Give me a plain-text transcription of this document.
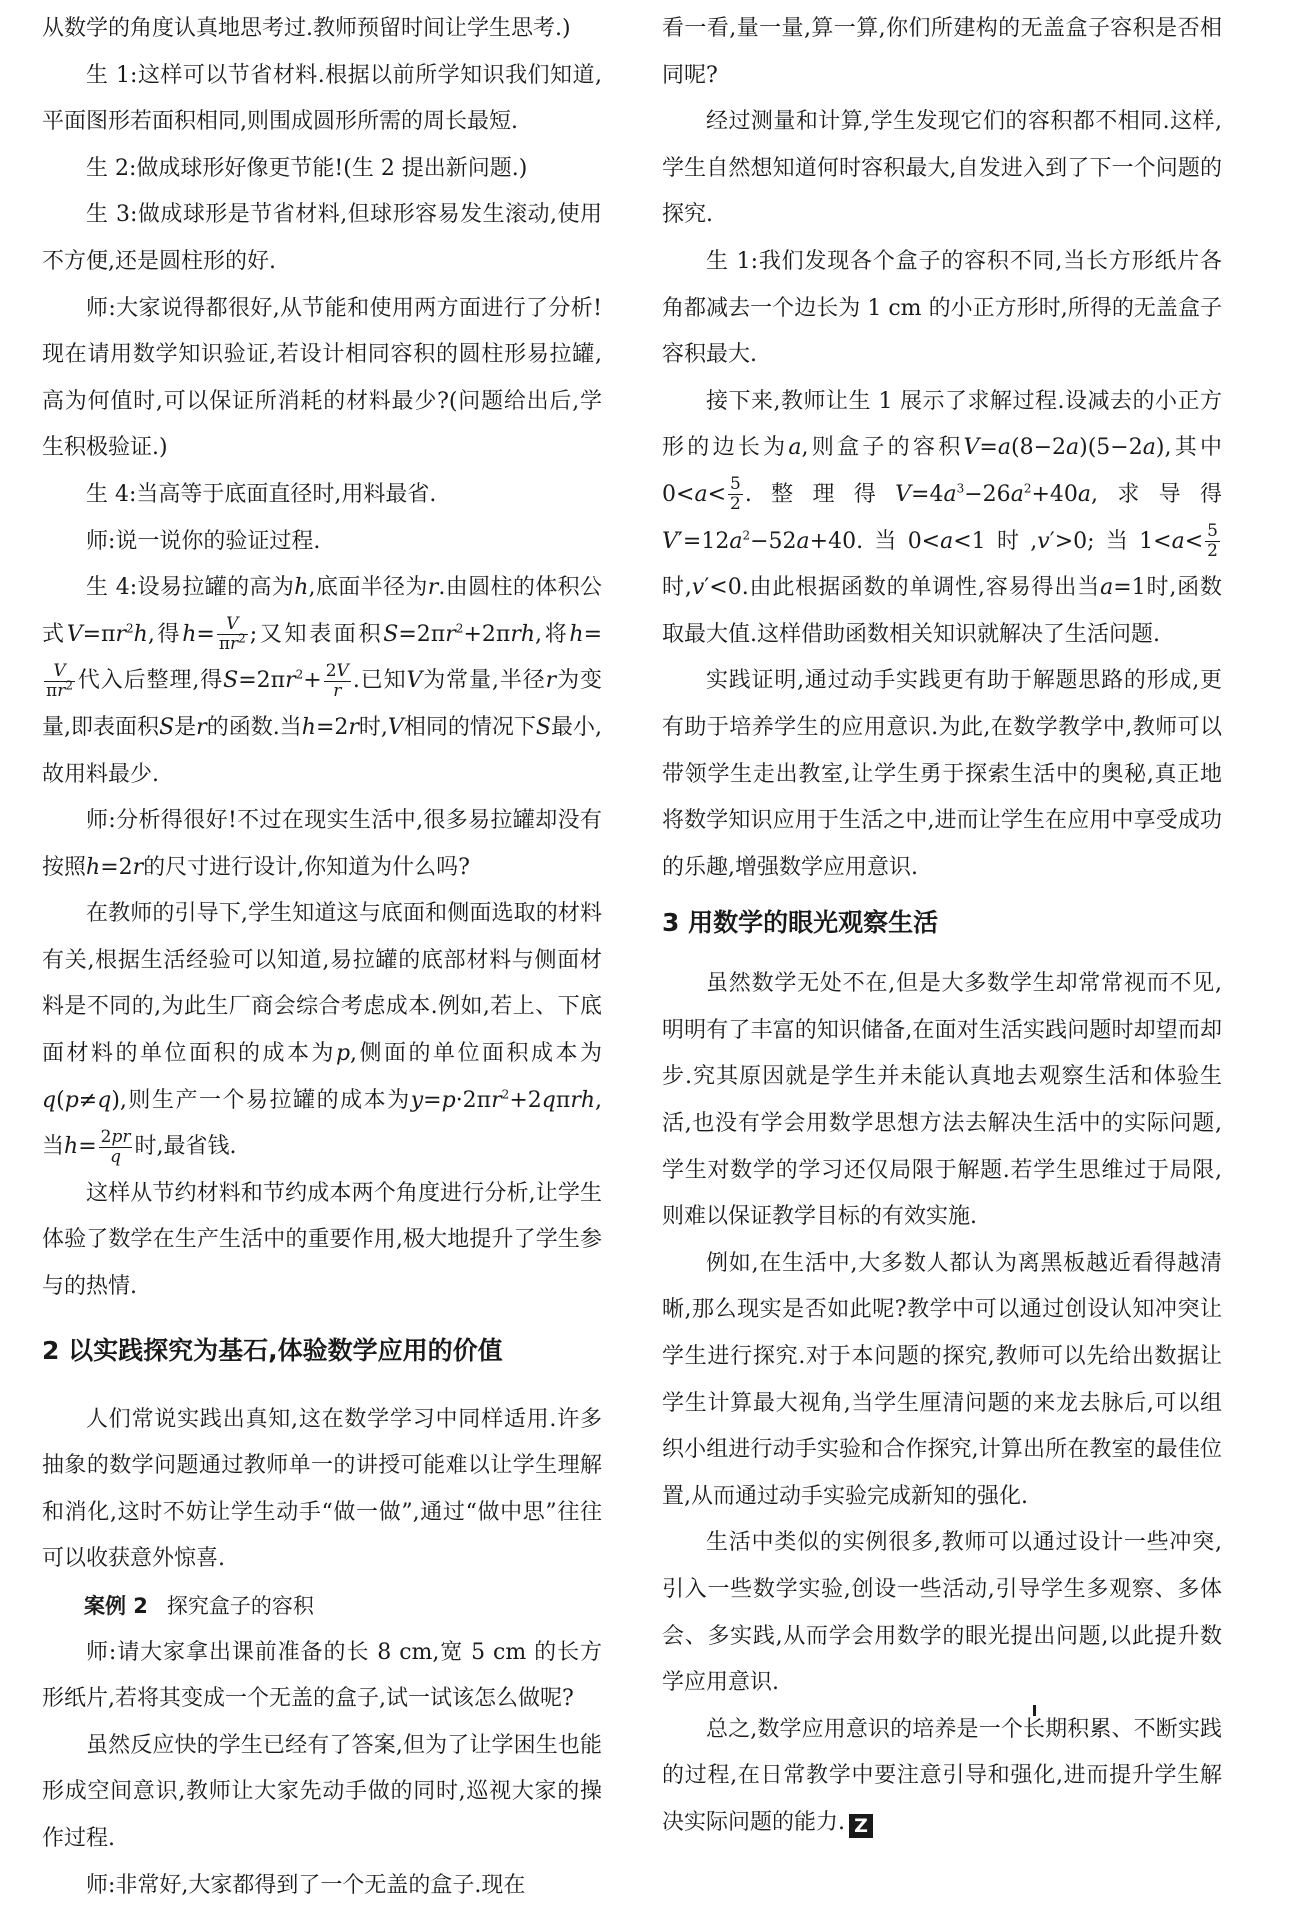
从数学的角度认真地思考过.教师预留时间让学生思考.)

生 1:这样可以节省材料.根据以前所学知识我们知道,平面图形若面积相同,则围成圆形所需的周长最短.

生 2:做成球形好像更节能!(生 2 提出新问题.)

生 3:做成球形是节省材料,但球形容易发生滚动,使用不方便,还是圆柱形的好.

师:大家说得都很好,从节能和使用两方面进行了分析!现在请用数学知识验证,若设计相同容积的圆柱形易拉罐,高为何值时,可以保证所消耗的材料最少?(问题给出后,学生积极验证.)

生 4:当高等于底面直径时,用料最省.

师:说一说你的验证过程.

生 4:设易拉罐的高为h,底面半径为r.由圆柱的体积公式$V=\pi r^2h$,得$h= \frac{V}{\pi r^2}$ ;又知表面积$S=2\pi r^2+2\pi rh$,将h=
$\frac{V}{\pi r^2}$ 代入后整理,得$S=2\pi r^2+ \frac{2V}{r}$ .已知V为常量,半径r为变量,即表面积S是r的函数.当h=2r时,V相同的情况下S最小,故用料最少.

师:分析得很好!不过在现实生活中,很多易拉罐却没有按照h=2r的尺寸进行设计,你知道为什么吗?

在教师的引导下,学生知道这与底面和侧面选取的材料有关,根据生活经验可以知道,易拉罐的底部材料与侧面材料是不同的,为此生厂商会综合考虑成本.例如,若上、下底面材料的单位面积的成本为p,侧面的单位面积成本为q(p≠q),则生产一个易拉罐的成本为$y=p\cdot 2\pi r^2+2q\pi rh$,当$h= \frac{2pr}{q}$ 时,最省钱.

这样从节约材料和节约成本两个角度进行分析,让学生体验了数学在生产生活中的重要作用,极大地提升了学生参与的热情.

2 以实践探究为基石,体验数学应用的价值

人们常说实践出真知,这在数学学习中同样适用.许多抽象的数学问题通过教师单一的讲授可能难以让学生理解和消化,这时不妨让学生动手“做一做”,通过“做中思”往往可以收获意外惊喜.

案例 2 探究盒子的容积

师:请大家拿出课前准备的长 8 cm,宽 5 cm 的长方形纸片,若将其变成一个无盖的盒子,试一试该怎么做呢?

虽然反应快的学生已经有了答案,但为了让学困生也能形成空间意识,教师让大家先动手做的同时,巡视大家的操作过程.

师:非常好,大家都得到了一个无盖的盒子.现在

看一看,量一量,算一算,你们所建构的无盖盒子容积是否相同呢?

经过测量和计算,学生发现它们的容积都不相同.这样,学生自然想知道何时容积最大,自发进入到了下一个问题的探究.

生 1:我们发现各个盒子的容积不同,当长方形纸片各角都减去一个边长为 1 cm 的小正方形时,所得的无盖盒子容积最大.

接下来,教师让生 1 展示了求解过程.设减去的小正方形的边长为a,则盒子的容积V=a(8−2a)(5−2a),其中$0<a< \frac{5}{2}$ .整理得$V=4a^3-26a^2+40a$,求导得$V'=12a^2-52a+40$.当0<a<1时,v′>0;当$1<a< \frac{5}{2}$
时,v′<0.由此根据函数的单调性,容易得出当a=1时,函数取最大值.这样借助函数相关知识就解决了生活问题.

实践证明,通过动手实践更有助于解题思路的形成,更有助于培养学生的应用意识.为此,在数学教学中,教师可以带领学生走出教室,让学生勇于探索生活中的奥秘,真正地将数学知识应用于生活之中,进而让学生在应用中享受成功的乐趣,增强数学应用意识.

3 用数学的眼光观察生活

虽然数学无处不在,但是大多数学生却常常视而不见,明明有了丰富的知识储备,在面对生活实践问题时却望而却步.究其原因就是学生并未能认真地去观察生活和体验生活,也没有学会用数学思想方法去解决生活中的实际问题,学生对数学的学习还仅局限于解题.若学生思维过于局限,则难以保证教学目标的有效实施.

例如,在生活中,大多数人都认为离黑板越近看得越清晰,那么现实是否如此呢?教学中可以通过创设认知冲突让学生进行探究.对于本问题的探究,教师可以先给出数据让学生计算最大视角,当学生厘清问题的来龙去脉后,可以组织小组进行动手实验和合作探究,计算出所在教室的最佳位置,从而通过动手实验完成新知的强化.

生活中类似的实例很多,教师可以通过设计一些冲突,引入一些数学实验,创设一些活动,引导学生多观察、多体会、多实践,从而学会用数学的眼光提出问题,以此提升数学应用意识.

总之,数学应用意识的培养是一个长期积累、不断实践的过程,在日常教学中要注意引导和强化,进而提升学生解决实际问题的能力. Z
